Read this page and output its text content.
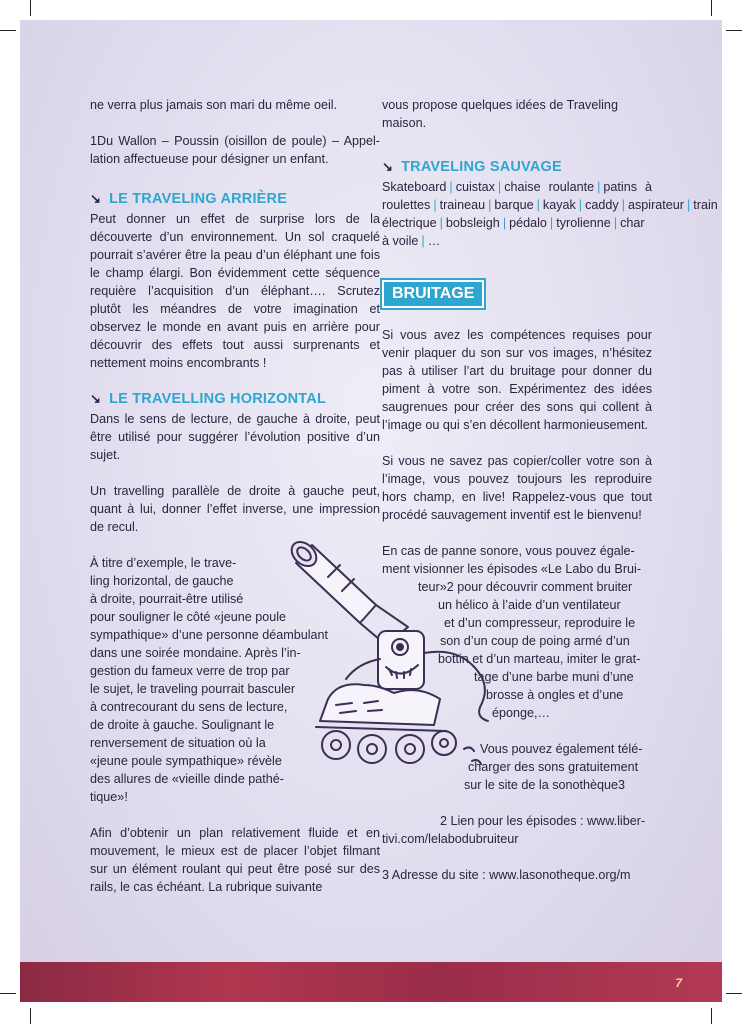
ne verra plus jamais son mari du même oeil.

1Du Wallon – Poussin (oisillon de poule) – Appel-lation affectueuse pour désigner un enfant.

↘ LE TRAVELING ARRIÈRE

Peut donner un effet de surprise lors de la découverte d’un environnement. Un sol craquelé pourrait s’avérer être la peau d’un éléphant une fois le champ élargi. Bon évidemment cette séquence requière l’acquisition d’un éléphant…. Scrutez plutôt les méandres de votre imagination et observez le monde en avant puis en arrière pour découvrir des effets tout aussi surprenants et nettement moins encombrants !

↘ LE TRAVELLING HORIZONTAL

Dans le sens de lecture, de gauche à droite, peut être utilisé pour suggérer l’évolution positive d’un sujet.

Un travelling parallèle de droite à gauche peut, quant à lui, donner l’effet inverse, une impression de recul.

À titre d’exemple, le trave-
ling horizontal, de gauche
à droite, pourrait-être utilisé
pour souligner le côté «jeune poule
sympathique» d’une personne déambulant
dans une soirée mondaine. Après l’in-
gestion du fameux verre de trop par
le sujet, le traveling pourrait basculer
à contrecourant du sens de lecture,
de droite à gauche. Soulignant le
renversement de situation où la
«jeune poule sympathique» révèle
des allures de «vieille dinde pathé-
tique»!

Afin d’obtenir un plan relativement fluide et en mouvement, le mieux est de placer l’objet filmant sur un élément roulant qui peut être posé sur des rails, le cas échéant. La rubrique suivante

vous propose quelques idées de Traveling maison.

↘ TRAVELING SAUVAGE

Skateboard | cuistax | chaise roulante | patins à roulettes | traineau | barque | kayak | caddy | aspirateur | train électrique | bobsleigh | pédalo | tyrolienne | char à voile | …

BRUITAGE

Si vous avez les compétences requises pour venir plaquer du son sur vos images, n’hésitez pas à utiliser l’art du bruitage pour donner du piment à votre son. Expérimentez des idées saugrenues pour créer des sons qui collent à l’image ou qui s’en décollent harmonieusement.

Si vous ne savez pas copier/coller votre son à l’image, vous pouvez toujours les reproduire hors champ, en live! Rappelez-vous que tout procédé sauvagement inventif est le bienvenu!

En cas de panne sonore, vous pouvez égale-
ment visionner les épisodes «Le Labo du Brui-
teur»2 pour découvrir comment bruiter
un hélico à l’aide d’un ventilateur
et d’un compresseur, reproduire le
son d’un coup de poing armé d’un
bottin et d’un marteau, imiter le grat-
tage d’une barbe muni d’une
brosse à ongles et d’une
éponge,…
Vous pouvez également télé-
charger des sons gratuitement
sur le site de la sonothèque3
2 Lien pour les épisodes : www.liber-
tivi.com/lelabodubruiteur
3 Adresse du site : www.lasonotheque.org/m
7
